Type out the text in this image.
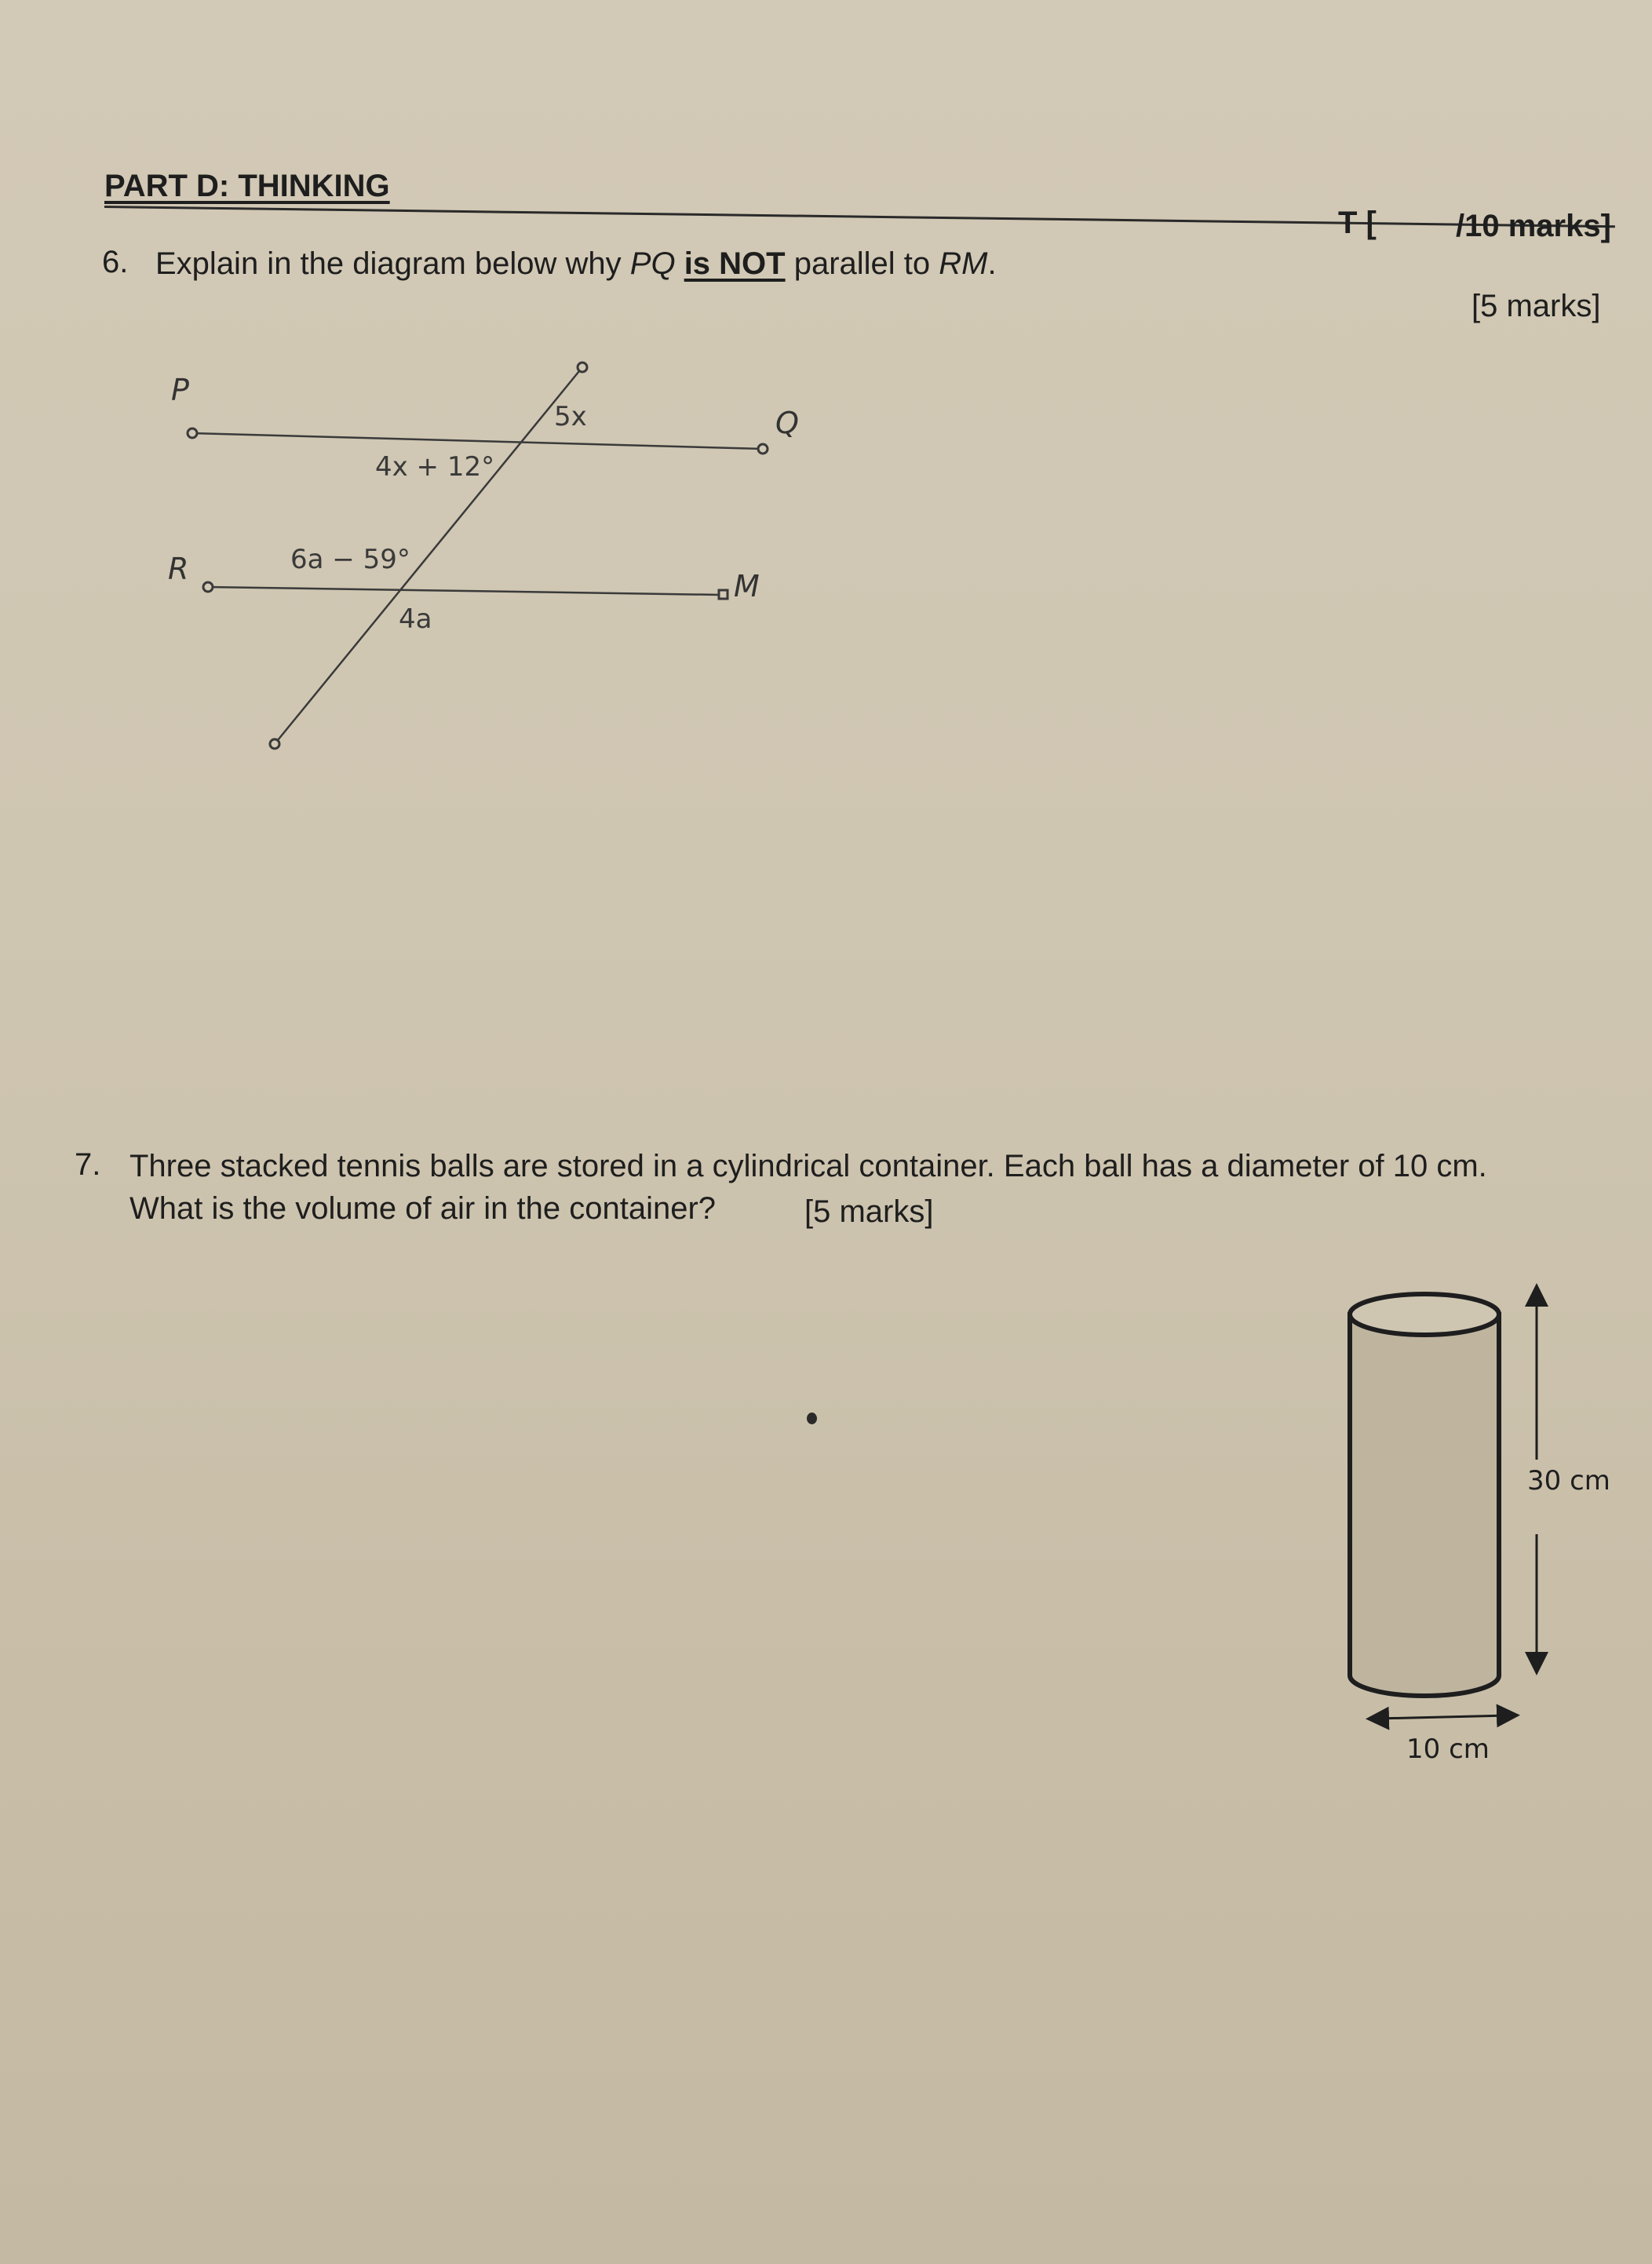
PART D: THINKING
T [	/10 marks]
6. Explain in the diagram below why PQ is NOT parallel to RM.
[5 marks]
P
Q
R	M
5x
4x + 12°
6a − 59°
4a
7. Three stacked tennis balls are stored in a cylindrical container. Each ball has a diameter of 10 cm.
What is the volume of air in the container?	[5 marks]
30 cm
10 cm
